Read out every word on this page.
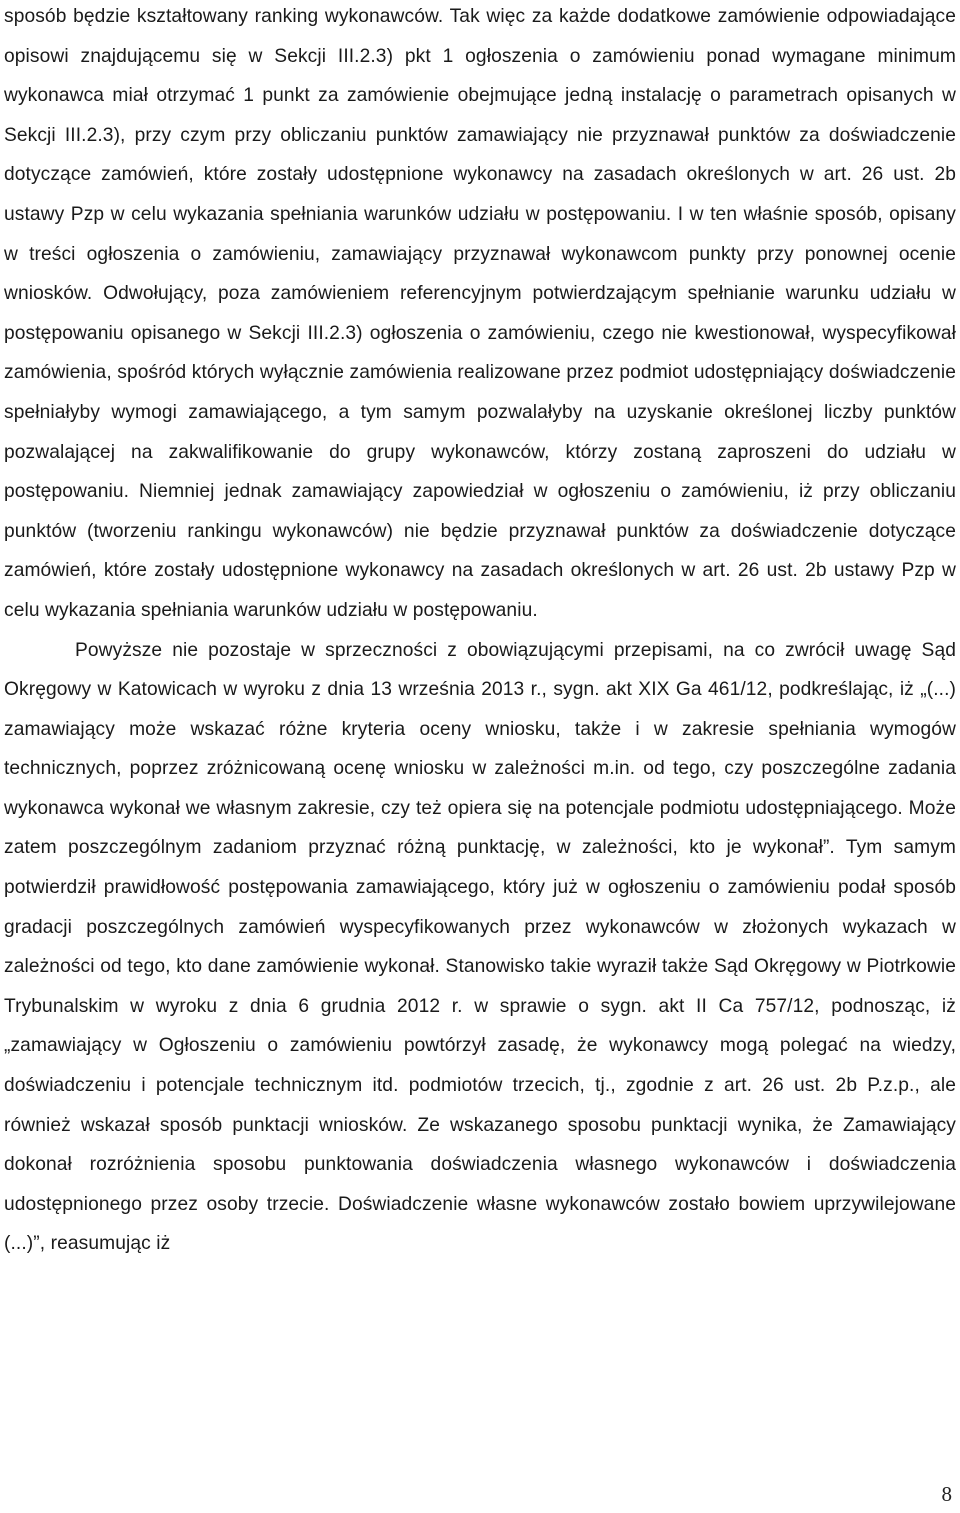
sposób będzie kształtowany ranking wykonawców. Tak więc za każde dodatkowe zamówienie odpowiadające opisowi znajdującemu się w Sekcji III.2.3) pkt 1 ogłoszenia o zamówieniu ponad wymagane minimum wykonawca miał otrzymać 1 punkt za zamówienie obejmujące jedną instalację o parametrach opisanych w Sekcji III.2.3), przy czym przy obliczaniu punktów zamawiający nie przyznawał punktów za doświadczenie dotyczące zamówień, które zostały udostępnione wykonawcy na zasadach określonych w art. 26 ust. 2b ustawy Pzp w celu wykazania spełniania warunków udziału w postępowaniu. I w ten właśnie sposób, opisany w treści ogłoszenia o zamówieniu, zamawiający przyznawał wykonawcom punkty przy ponownej ocenie wniosków. Odwołujący, poza zamówieniem referencyjnym potwierdzającym spełnianie warunku udziału w postępowaniu opisanego w Sekcji III.2.3) ogłoszenia o zamówieniu, czego nie kwestionował, wyspecyfikował zamówienia, spośród których wyłącznie zamówienia realizowane przez podmiot udostępniający doświadczenie spełniałyby wymogi zamawiającego, a tym samym pozwalałyby na uzyskanie określonej liczby punktów pozwalającej na zakwalifikowanie do grupy wykonawców, którzy zostaną zaproszeni do udziału w postępowaniu. Niemniej jednak zamawiający zapowiedział w ogłoszeniu o zamówieniu, iż przy obliczaniu punktów (tworzeniu rankingu wykonawców) nie będzie przyznawał punktów za doświadczenie dotyczące zamówień, które zostały udostępnione wykonawcy na zasadach określonych w art. 26 ust. 2b ustawy Pzp w celu wykazania spełniania warunków udziału w postępowaniu.

Powyższe nie pozostaje w sprzeczności z obowiązującymi przepisami, na co zwrócił uwagę Sąd Okręgowy w Katowicach w wyroku z dnia 13 września 2013 r., sygn. akt XIX Ga 461/12, podkreślając, iż „(...) zamawiający może wskazać różne kryteria oceny wniosku, także i w zakresie spełniania wymogów technicznych, poprzez zróżnicowaną ocenę wniosku w zależności m.in. od tego, czy poszczególne zadania wykonawca wykonał we własnym zakresie, czy też opiera się na potencjale podmiotu udostępniającego. Może zatem poszczególnym zadaniom przyznać różną punktację, w zależności, kto je wykonał”. Tym samym potwierdził prawidłowość postępowania zamawiającego, który już w ogłoszeniu o zamówieniu podał sposób gradacji poszczególnych zamówień wyspecyfikowanych przez wykonawców w złożonych wykazach w zależności od tego, kto dane zamówienie wykonał. Stanowisko takie wyraził także Sąd Okręgowy w Piotrkowie Trybunalskim w wyroku z dnia 6 grudnia 2012 r. w sprawie o sygn. akt II Ca 757/12, podnosząc, iż „zamawiający w Ogłoszeniu o zamówieniu powtórzył zasadę, że wykonawcy mogą polegać na wiedzy, doświadczeniu i potencjale technicznym itd. podmiotów trzecich, tj., zgodnie z art. 26 ust. 2b P.z.p., ale również wskazał sposób punktacji wniosków. Ze wskazanego sposobu punktacji wynika, że Zamawiający dokonał rozróżnienia sposobu punktowania doświadczenia własnego wykonawców i doświadczenia udostępnionego przez osoby trzecie. Doświadczenie własne wykonawców zostało bowiem uprzywilejowane (...)”, reasumując iż

8
